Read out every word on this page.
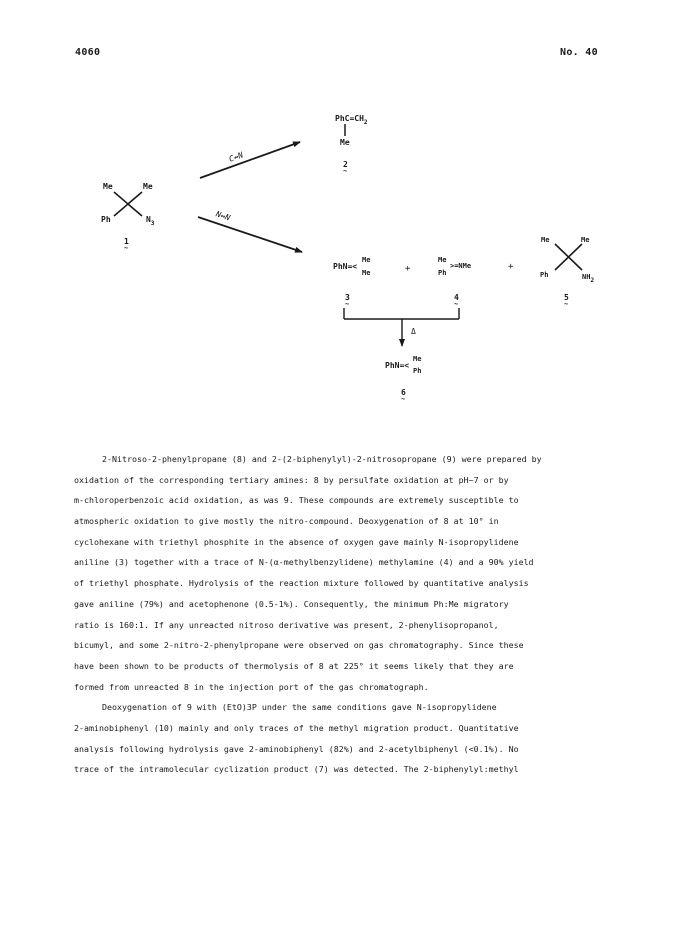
4060	No. 40
Me	Me
Ph	$N_3$
1
~
C↛N
N↛N
$PhC=CH_2$
Me
2
~
PhN=<
Me
Me
3
~
+
Me
Ph
>=NMe
4
~
+
Me	Me
Ph	NH2
5
~
Δ
PhN=<
Me
Ph
6
~
2-Nitroso-2-phenylpropane (8) and 2-(2-biphenylyl)-2-nitrosopropane (9) were prepared by
oxidation of the corresponding tertiary amines: 8 by persulfate oxidation at pH~7 or by
m-chloroperbenzoic acid oxidation, as was 9. These compounds are extremely susceptible to
atmospheric oxidation to give mostly the nitro-compound. Deoxygenation of 8 at 10° in
cyclohexane with triethyl phosphite in the absence of oxygen gave mainly N-isopropylidene
aniline (3) together with a trace of N-(α-methylbenzylidene) methylamine (4) and a 90% yield
of triethyl phosphate. Hydrolysis of the reaction mixture followed by quantitative analysis
gave aniline (79%) and acetophenone (0.5-1%). Consequently, the minimum Ph:Me migratory
ratio is 160:1. If any unreacted nitroso derivative was present, 2-phenylisopropanol,
bicumyl, and some 2-nitro-2-phenylpropane were observed on gas chromatography. Since these
have been shown to be products of thermolysis of 8 at 225° it seems likely that they are
formed from unreacted 8 in the injection port of the gas chromatograph.
Deoxygenation of 9 with (EtO)3P under the same conditions gave N-isopropylidene
2-aminobiphenyl (10) mainly and only traces of the methyl migration product. Quantitative
analysis following hydrolysis gave 2-aminobiphenyl (82%) and 2-acetylbiphenyl (<0.1%). No
trace of the intramolecular cyclization product (7) was detected. The 2-biphenylyl:methyl
